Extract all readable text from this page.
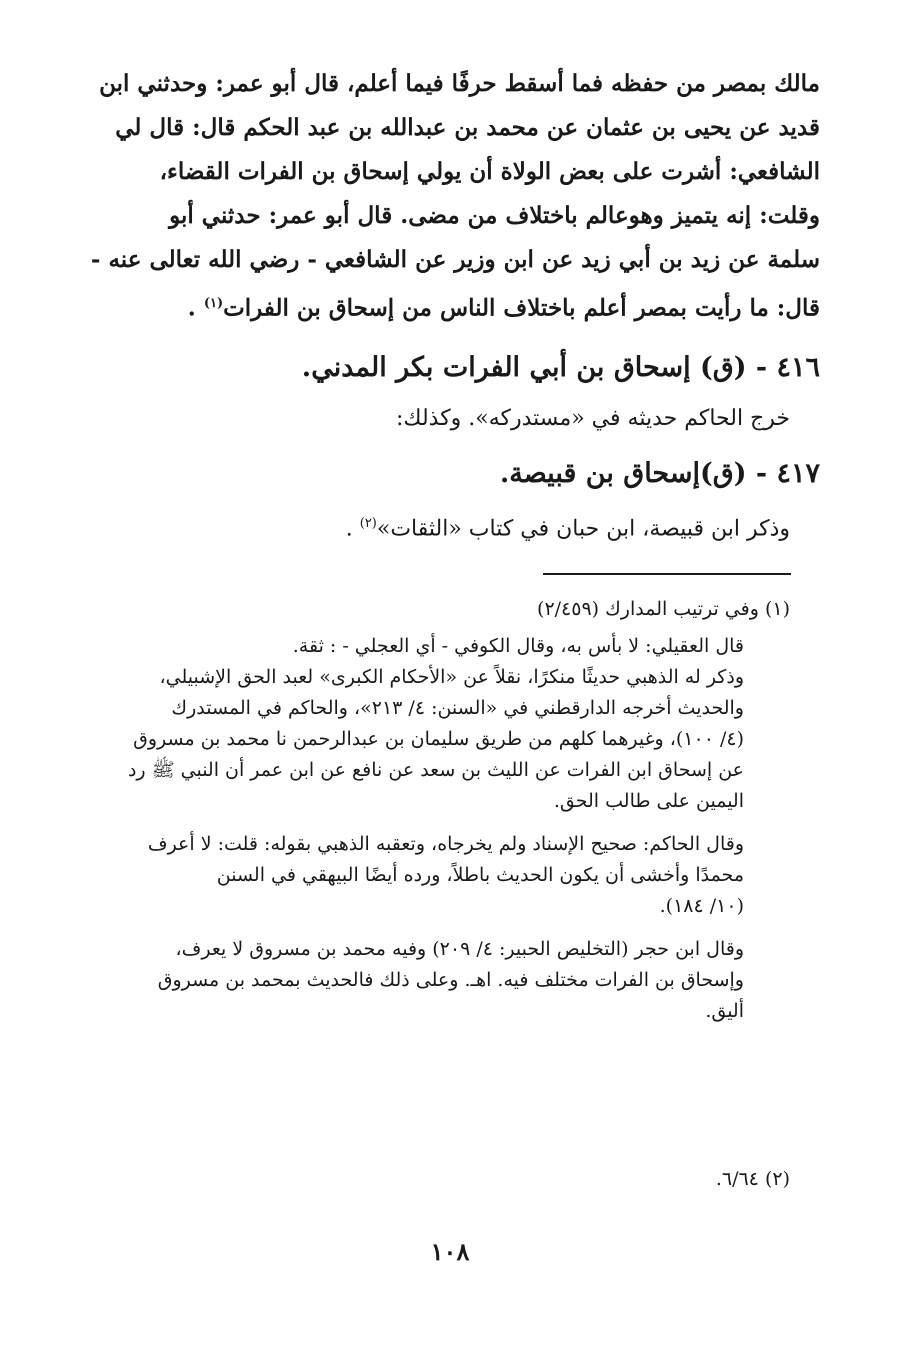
مالك بمصر من حفظه فما أسقط حرفًا فيما أعلم، قال أبو عمر: وحدثني ابن
قديد عن يحيى بن عثمان عن محمد بن عبدالله بن عبد الحكم قال: قال لي
الشافعي: أشرت على بعض الولاة أن يولي إسحاق بن الفرات القضاء،
وقلت: إنه يتميز وهوعالم باختلاف من مضى. قال أبو عمر: حدثني أبو
سلمة عن زيد بن أبي زيد عن ابن وزير عن الشافعي - رضي الله تعالى عنه -
قال: ما رأيت بمصر أعلم باختلاف الناس من إسحاق بن الفرات$^{(١)}$ .
٤١٦ - (ق) إسحاق بن أبي الفرات بكر المدني.
خرج الحاكم حديثه في «مستدركه». وكذلك:
٤١٧ - (ق)إسحاق بن قبيصة.
وذكر ابن قبيصة، ابن حبان في كتاب «الثقات»$^{(٢)}$ .
(١) وفي ترتيب المدارك (٢/٤٥٩)
قال العقيلي: لا بأس به، وقال الكوفي - أي العجلي - : ثقة.
وذكر له الذهبي حديثًا منكرًا، نقلاً عن «الأحكام الكبرى» لعبد الحق الإشبيلي،
والحديث أخرجه الدارقطني في «السنن: ٤/ ٢١٣»، والحاكم في المستدرك
(٤/ ١٠٠)، وغيرهما كلهم من طريق سليمان بن عبدالرحمن نا محمد بن مسروق
عن إسحاق ابن الفرات عن الليث بن سعد عن نافع عن ابن عمر أن النبي ﷺ رد
اليمين على طالب الحق.
وقال الحاكم: صحيح الإسناد ولم يخرجاه، وتعقبه الذهبي بقوله: قلت: لا أعرف
محمدًا وأخشى أن يكون الحديث باطلاً، ورده أيضًا البيهقي في السنن
(١٠/ ١٨٤).
وقال ابن حجر (التخليص الحبير: ٤/ ٢٠٩) وفيه محمد بن مسروق لا يعرف،
وإسحاق بن الفرات مختلف فيه. اهـ. وعلى ذلك فالحديث بمحمد بن مسروق
أليق.
(٢) ٦/٦٤.
١٠٨
